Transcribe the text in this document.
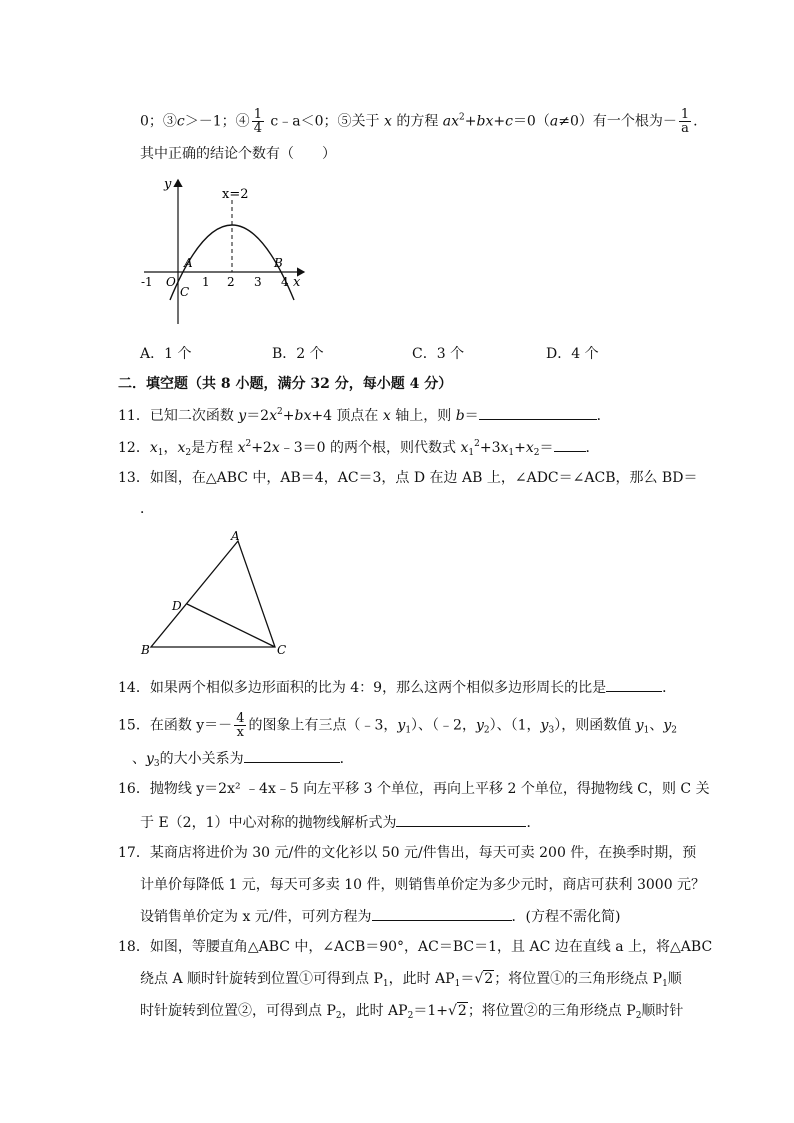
0；③c＞－1；④ $\frac{1}{4}$ c﹣a＜0；⑤关于 x 的方程 $ax^2+bx+c=0(a\ne 0)$有一个根为－ $\frac{1}{a}$ .
其中正确的结论个数有（　　）
y
x
x=2
-1 O 1 2 3 4
A	B
C
A．1 个	B．2 个	C．3 个	D．4 个
二．填空题（共 8 小题，满分 32 分，每小题 4 分）
11．已知二次函数 $y=2x^2+bx+4$ 顶点在 x 轴上，则 b＝	．
12．$x_1$，$x_2$是方程 $x^2+2x﹣3=0$ 的两个根，则代数式 $x_1^2+3x_1+x_2=$ ．
13．如图，在△ABC 中，AB＝4，AC＝3，点 D 在边 AB 上，∠ADC＝∠ACB，那么 BD＝
．
A
B	C
D
14．如果两个相似多边形面积的比为 4：9，那么这两个相似多边形周长的比是	．
15．在函数 $y=- \frac{4}{x}$ 的图象上有三点（﹣3，$y_1$）、（﹣2，$y_2$）、（1，$y_3$），则函数值 $y_1$、$y_2$
、$y_3$的大小关系为	．
16．抛物线 y＝2x² ﹣4x﹣5 向左平移 3 个单位，再向上平移 2 个单位，得抛物线 C，则 C 关
于 E（2，1）中心对称的抛物线解析式为	．
17．某商店将进价为 30 元/件的文化衫以 50 元/件售出，每天可卖 200 件，在换季时期，预
计单价每降低 1 元，每天可多卖 10 件，则销售单价定为多少元时，商店可获利 3000 元？
设销售单价定为 x 元/件，可列方程为	．(方程不需化简)
18．如图，等腰直角△ABC 中，∠ACB＝90°，AC＝BC＝1，且 AC 边在直线 a 上，将△ABC
绕点 A 顺时针旋转到位置①可得到点 $P_1$，此时 $AP_1=√2$；将位置①的三角形绕点 $P_1$顺
时针旋转到位置②，可得到点 $P_2$，此时 $AP_2=1+√2$；将位置②的三角形绕点 $P_2$顺时针
